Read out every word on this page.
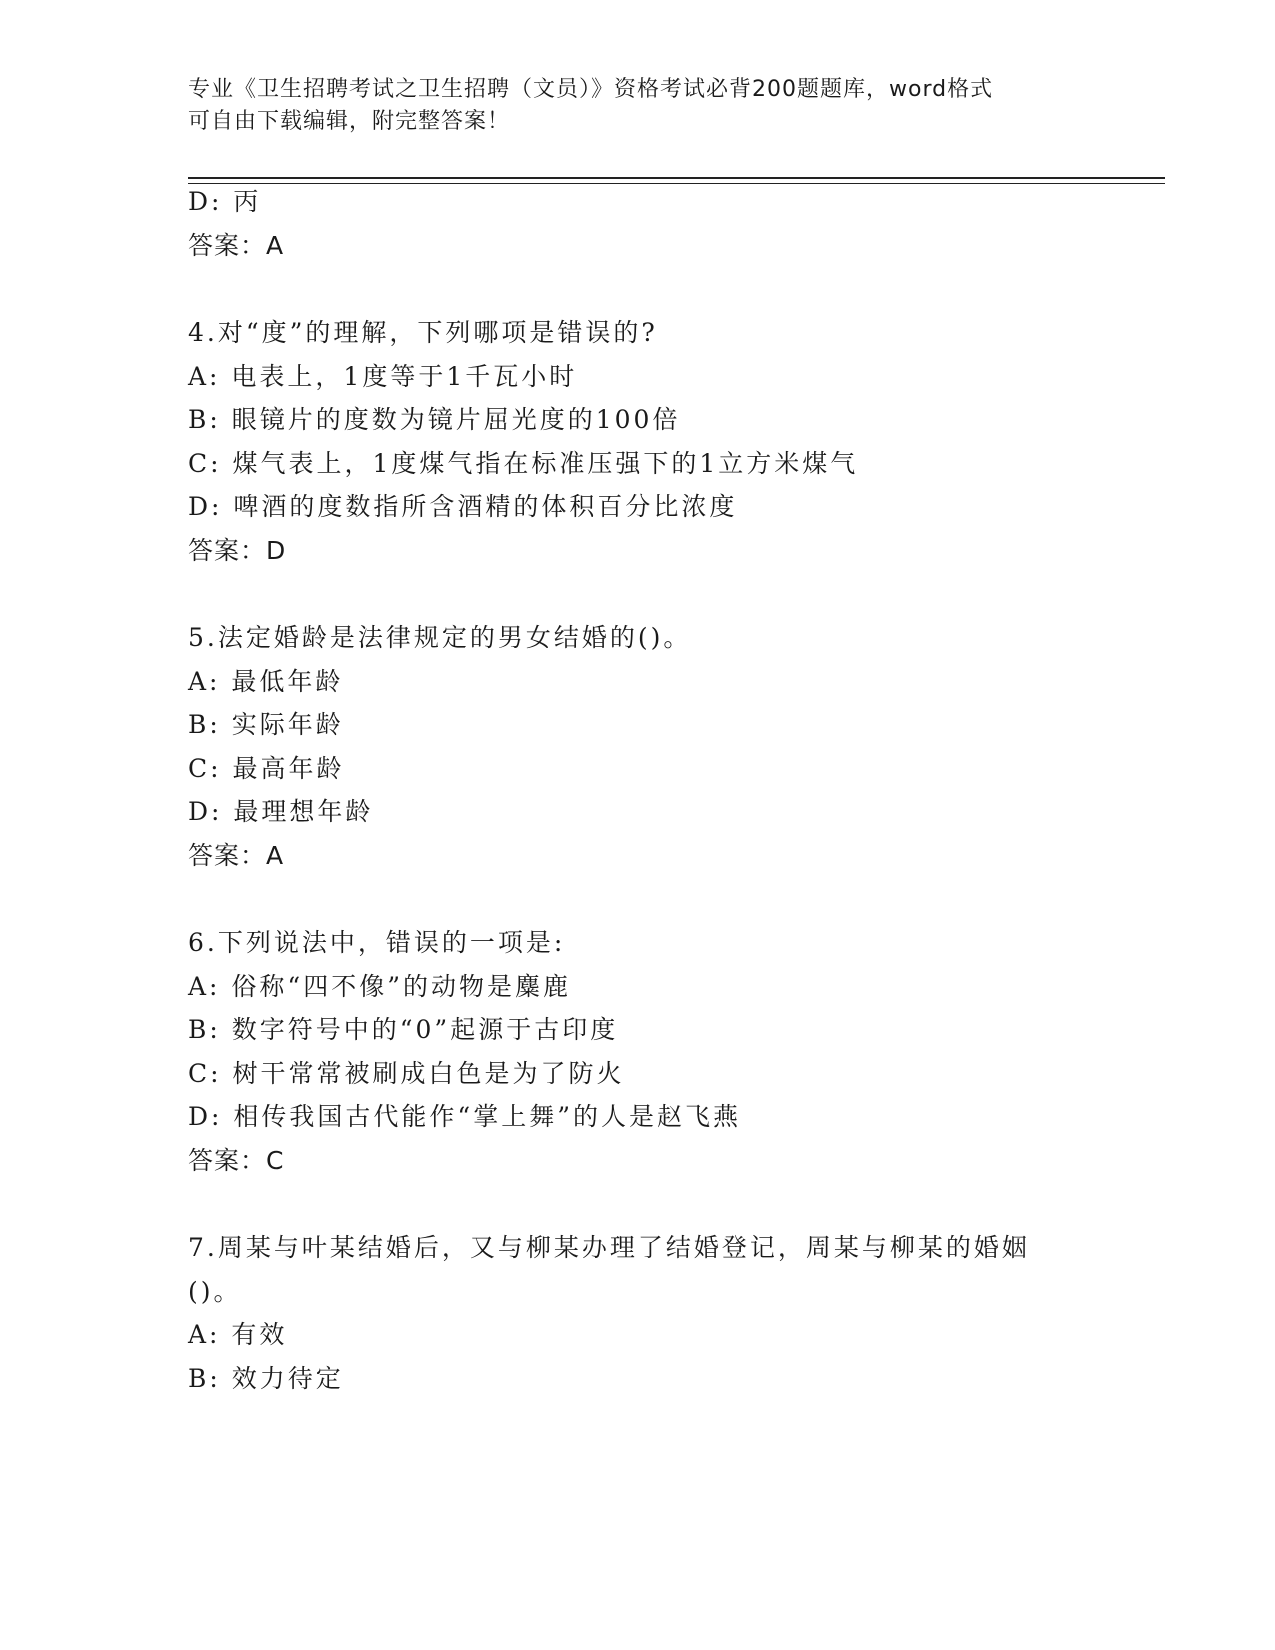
专业《卫生招聘考试之卫生招聘（文员）》资格考试必背200题题库，word格式
可自由下载编辑，附完整答案！
D: 丙
答案：A
4.对“度”的理解，下列哪项是错误的?
A: 电表上，1度等于1千瓦小时
B: 眼镜片的度数为镜片屈光度的100倍
C: 煤气表上，1度煤气指在标准压强下的1立方米煤气
D: 啤酒的度数指所含酒精的体积百分比浓度
答案：D
5.法定婚龄是法律规定的男女结婚的()。
A: 最低年龄
B: 实际年龄
C: 最高年龄
D: 最理想年龄
答案：A
6.下列说法中，错误的一项是:
A: 俗称“四不像”的动物是麋鹿
B: 数字符号中的“0”起源于古印度
C: 树干常常被刷成白色是为了防火
D: 相传我国古代能作“掌上舞”的人是赵飞燕
答案：C
7.周某与叶某结婚后，又与柳某办理了结婚登记，周某与柳某的婚姻
()。
A: 有效
B: 效力待定
